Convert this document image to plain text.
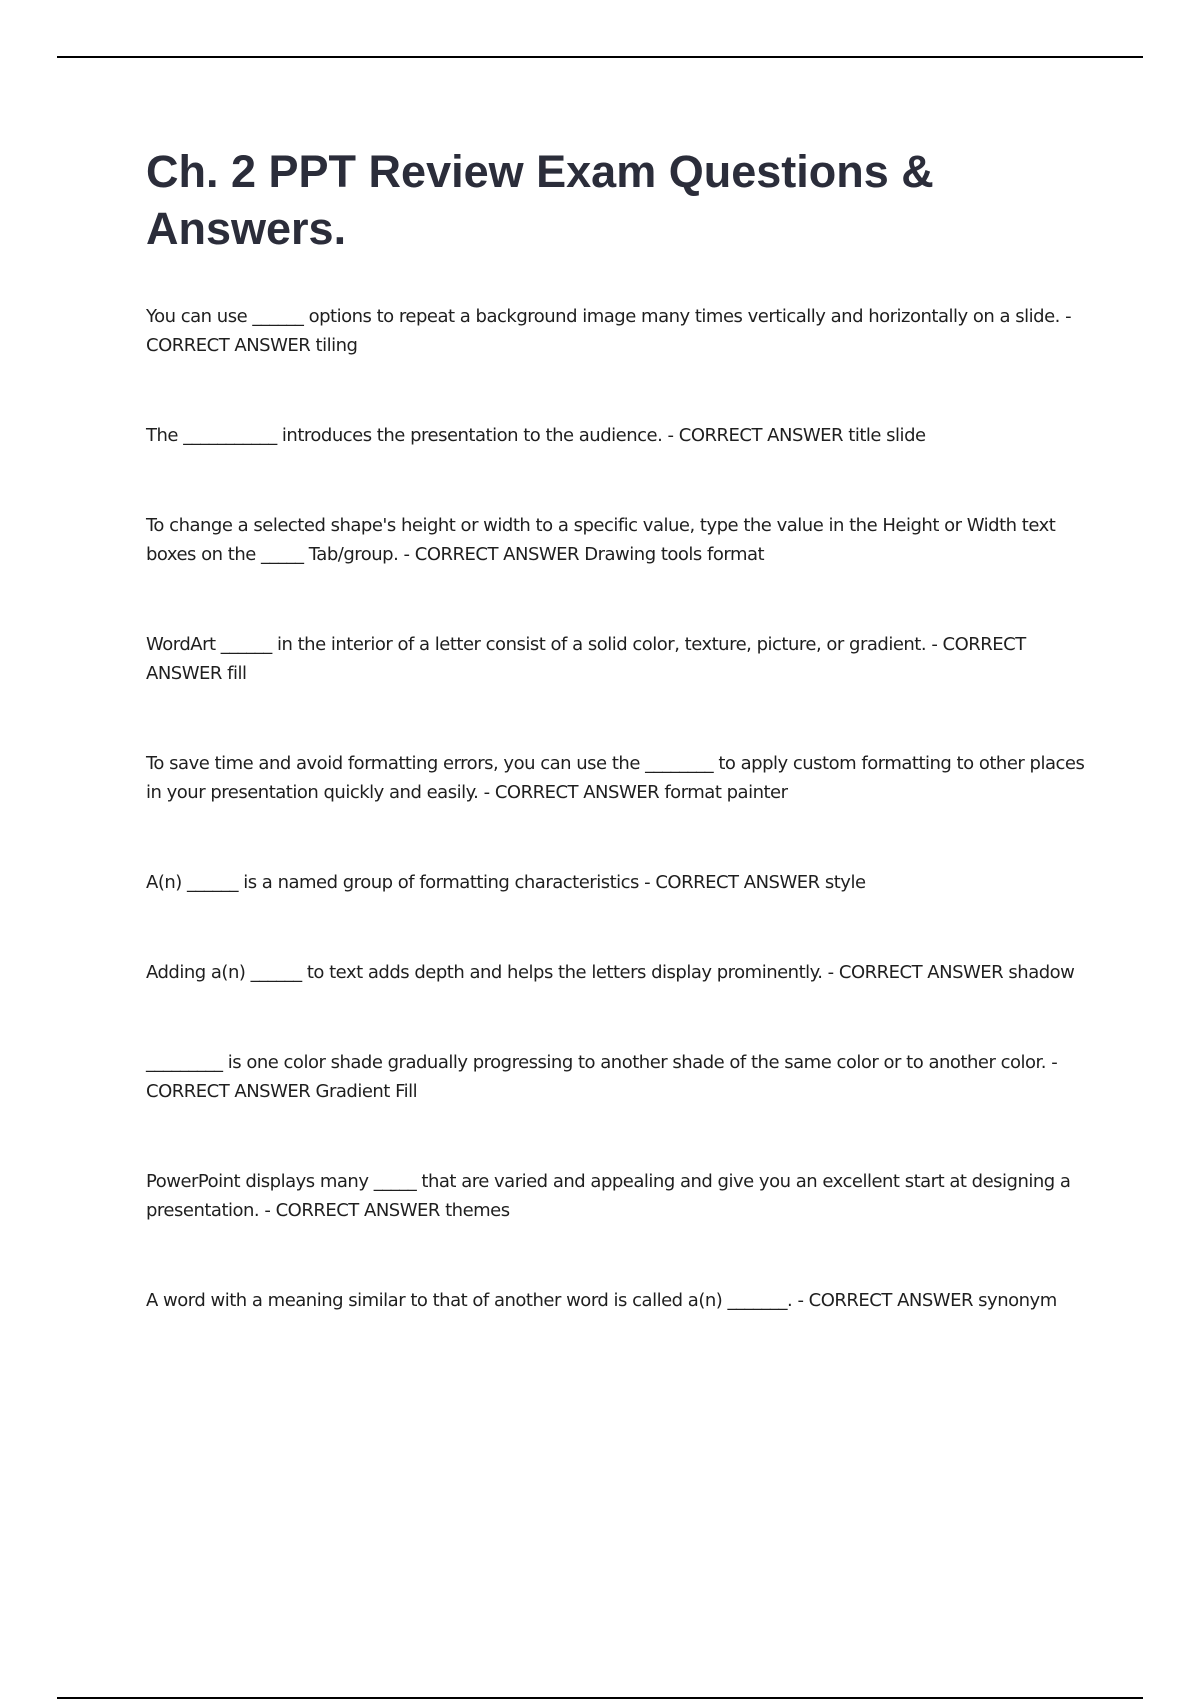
Ch. 2 PPT Review Exam Questions & Answers.

You can use ______ options to repeat a background image many times vertically and horizontally on a slide. - CORRECT ANSWER tiling

The ___________ introduces the presentation to the audience. - CORRECT ANSWER title slide

To change a selected shape's height or width to a specific value, type the value in the Height or Width text boxes on the _____ Tab/group. - CORRECT ANSWER Drawing tools format

WordArt ______ in the interior of a letter consist of a solid color, texture, picture, or gradient. - CORRECT ANSWER fill

To save time and avoid formatting errors, you can use the ________ to apply custom formatting to other places in your presentation quickly and easily. - CORRECT ANSWER format painter

A(n) ______ is a named group of formatting characteristics - CORRECT ANSWER style

Adding a(n) ______ to text adds depth and helps the letters display prominently. - CORRECT ANSWER shadow

_________ is one color shade gradually progressing to another shade of the same color or to another color. - CORRECT ANSWER Gradient Fill

PowerPoint displays many _____ that are varied and appealing and give you an excellent start at designing a presentation. - CORRECT ANSWER themes

A word with a meaning similar to that of another word is called a(n) _______. - CORRECT ANSWER synonym
